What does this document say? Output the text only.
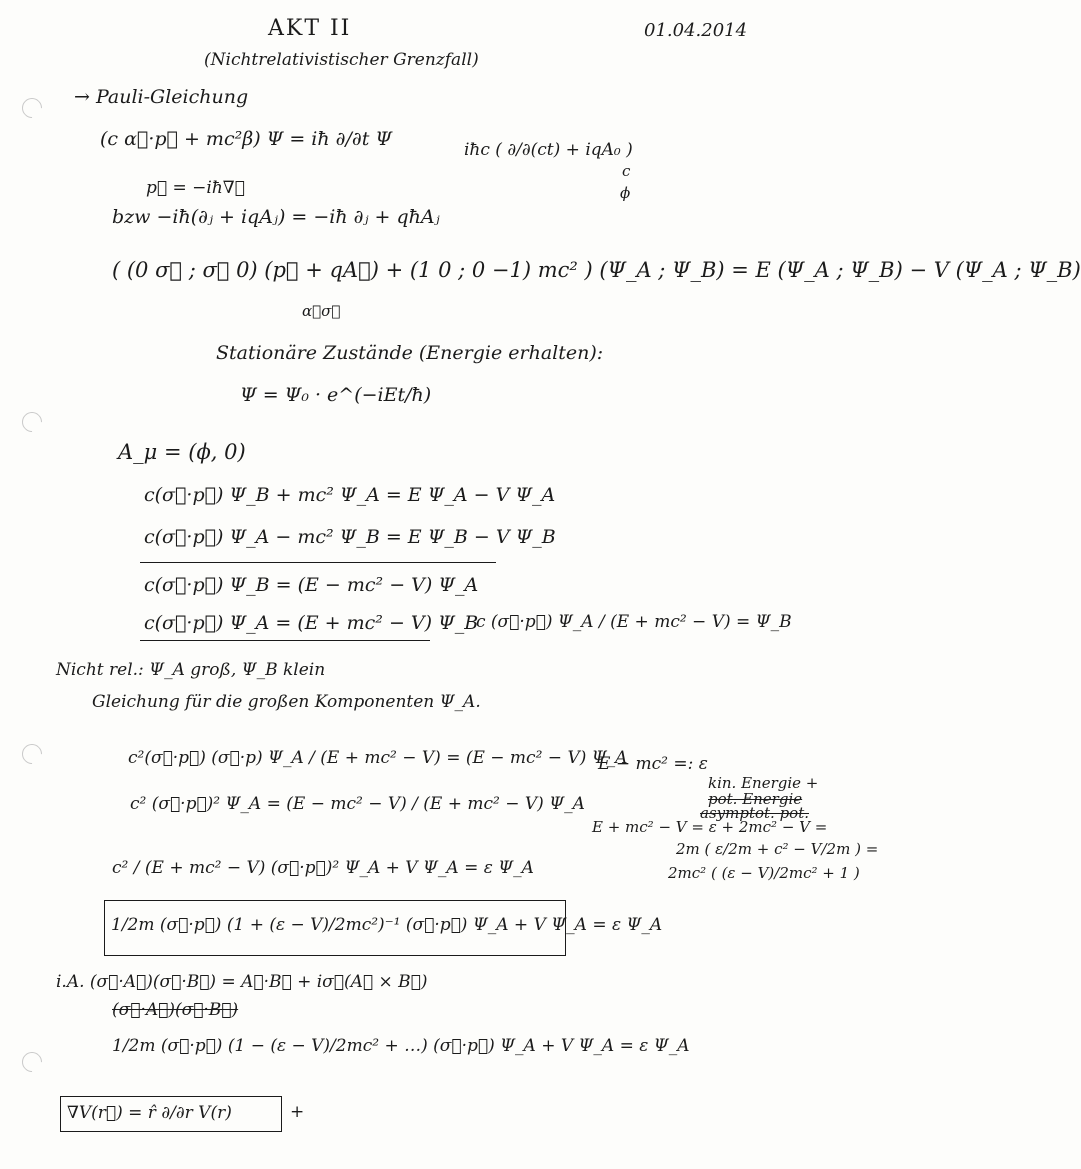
AKT II	01.04.2014
(Nichtrelativistischer Grenzfall)
→ Pauli-Gleichung
(c α⃗·p⃗ + mc²β) Ψ = iħ ∂/∂t Ψ	iħc ( ∂/∂(ct) + iqA₀ )
c
ϕ
p⃗ = −iħ∇⃗
bzw −iħ(∂ⱼ + iqAⱼ) = −iħ ∂ⱼ + qħAⱼ
( (0 σ⃗ ; σ⃗ 0) (p⃗ + qA⃗) + (1 0 ; 0 −1) mc² ) (Ψ_A ; Ψ_B) = E (Ψ_A ; Ψ_B) − V (Ψ_A ; Ψ_B)
α⃗σ⃗
Stationäre Zustände (Energie erhalten):
Ψ = Ψ₀ · e^(−iEt/ħ)
A_μ = (ϕ, 0)
c(σ⃗·p⃗) Ψ_B + mc² Ψ_A = E Ψ_A − V Ψ_A
c(σ⃗·p⃗) Ψ_A − mc² Ψ_B = E Ψ_B − V Ψ_B
c(σ⃗·p⃗) Ψ_B = (E − mc² − V) Ψ_A
c(σ⃗·p⃗) Ψ_A = (E + mc² − V) Ψ_B
c (σ⃗·p⃗) Ψ_A / (E + mc² − V) = Ψ_B
Nicht rel.: Ψ_A groß, Ψ_B klein
Gleichung für die großen Komponenten Ψ_A.
c²(σ⃗·p⃗) (σ⃗·p) Ψ_A / (E + mc² − V) = (E − mc² − V) Ψ_A
c² (σ⃗·p⃗)² Ψ_A = (E − mc² − V) / (E + mc² − V) Ψ_A
E − mc² =: ε
kin. Energie +
pot. Energie
asymptot. pot.
E + mc² − V = ε + 2mc² − V =
2m ( ε/2m + c² − V/2m ) =
2mc² ( (ε − V)/2mc² + 1 )
c² / (E + mc² − V) (σ⃗·p⃗)² Ψ_A + V Ψ_A = ε Ψ_A
1/2m (σ⃗·p⃗) (1 + (ε − V)/2mc²)⁻¹ (σ⃗·p⃗) Ψ_A + V Ψ_A = ε Ψ_A
i.A. (σ⃗·A⃗)(σ⃗·B⃗) = A⃗·B⃗ + iσ⃗(A⃗ × B⃗)
(σ⃗·A⃗)(σ⃗·B⃗)
1/2m (σ⃗·p⃗) (1 − (ε − V)/2mc² + …) (σ⃗·p⃗) Ψ_A + V Ψ_A = ε Ψ_A
∇V(r⃗) = r̂ ∂/∂r V(r)	+
